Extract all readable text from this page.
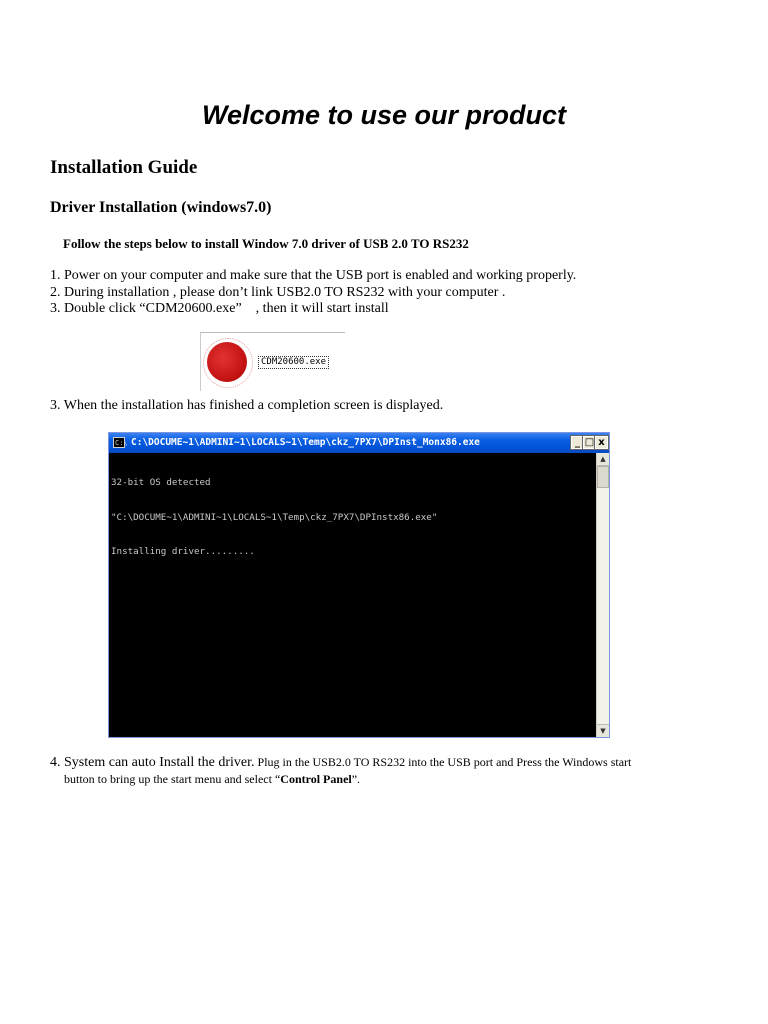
Welcome to use our product
Installation Guide
Driver Installation (windows7.0)
Follow the steps below to install Window 7.0 driver of USB 2.0 TO RS232
1. Power on your computer and make sure that the USB port is enabled and working properly.
2. During installation , please don’t link USB2.0 TO RS232 with your computer .
3. Double click “CDM20600.exe”    , then it will start install
CDM20600.exe
3. When the installation has finished a completion screen is displayed.
C:\ C:\DOCUME~1\ADMINI~1\LOCALS~1\Temp\ckz_7PX7\DPInst_Monx86.exe	_ □ x

32-bit OS detected

"C:\DOCUME~1\ADMINI~1\LOCALS~1\Temp\ckz_7PX7\DPInstx86.exe"

Installing driver.........

▲
▼
4. System can auto Install the driver. Plug in the USB2.0 TO RS232 into the USB port and Press the Windows start
button to bring up the start menu and select “Control Panel”.
